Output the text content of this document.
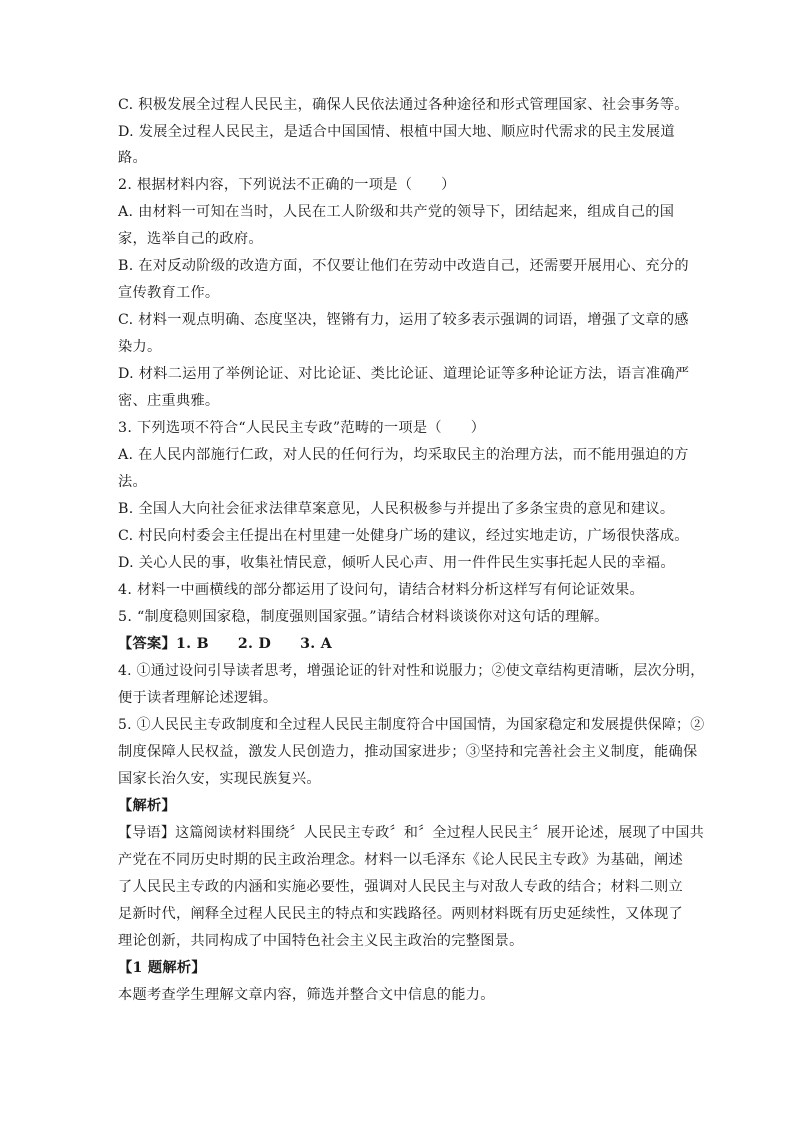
C. 积极发展全过程人民民主，确保人民依法通过各种途径和形式管理国家、社会事务等。
D. 发展全过程人民民主，是适合中国国情、根植中国大地、顺应时代需求的民主发展道
路。
2. 根据材料内容，下列说法不正确的一项是（　　）
A. 由材料一可知在当时，人民在工人阶级和共产党的领导下，团结起来，组成自己的国
家，选举自己的政府。
B. 在对反动阶级的改造方面，不仅要让他们在劳动中改造自己，还需要开展用心、充分的
宣传教育工作。
C. 材料一观点明确、态度坚决，铿锵有力，运用了较多表示强调的词语，增强了文章的感
染力。
D. 材料二运用了举例论证、对比论证、类比论证、道理论证等多种论证方法，语言准确严
密、庄重典雅。
3. 下列选项不符合“人民民主专政”范畴的一项是（　　）
A. 在人民内部施行仁政，对人民的任何行为，均采取民主的治理方法，而不能用强迫的方
法。
B. 全国人大向社会征求法律草案意见，人民积极参与并提出了多条宝贵的意见和建议。
C. 村民向村委会主任提出在村里建一处健身广场的建议，经过实地走访，广场很快落成。
D. 关心人民的事，收集社情民意，倾听人民心声、用一件件民生实事托起人民的幸福。
4. 材料一中画横线的部分都运用了设问句，请结合材料分析这样写有何论证效果。
5. “制度稳则国家稳，制度强则国家强。”请结合材料谈谈你对这句话的理解。
【答案】1. B　　2. D　　3. A
4. ①通过设问引导读者思考，增强论证的针对性和说服力；②使文章结构更清晰，层次分明，
便于读者理解论述逻辑。
5. ①人民民主专政制度和全过程人民民主制度符合中国国情，为国家稳定和发展提供保障；②
制度保障人民权益，激发人民创造力，推动国家进步；③坚持和完善社会主义制度，能确保
国家长治久安，实现民族复兴。
【解析】
【导语】这篇阅读材料围绕〞人民民主专政〞和〞全过程人民民主〞展开论述，展现了中国共
产党在不同历史时期的民主政治理念。材料一以毛泽东《论人民民主专政》为基础，阐述
了人民民主专政的内涵和实施必要性，强调对人民民主与对敌人专政的结合；材料二则立
足新时代，阐释全过程人民民主的特点和实践路径。两则材料既有历史延续性，又体现了
理论创新，共同构成了中国特色社会主义民主政治的完整图景。
【1 题解析】
本题考查学生理解文章内容，筛选并整合文中信息的能力。
